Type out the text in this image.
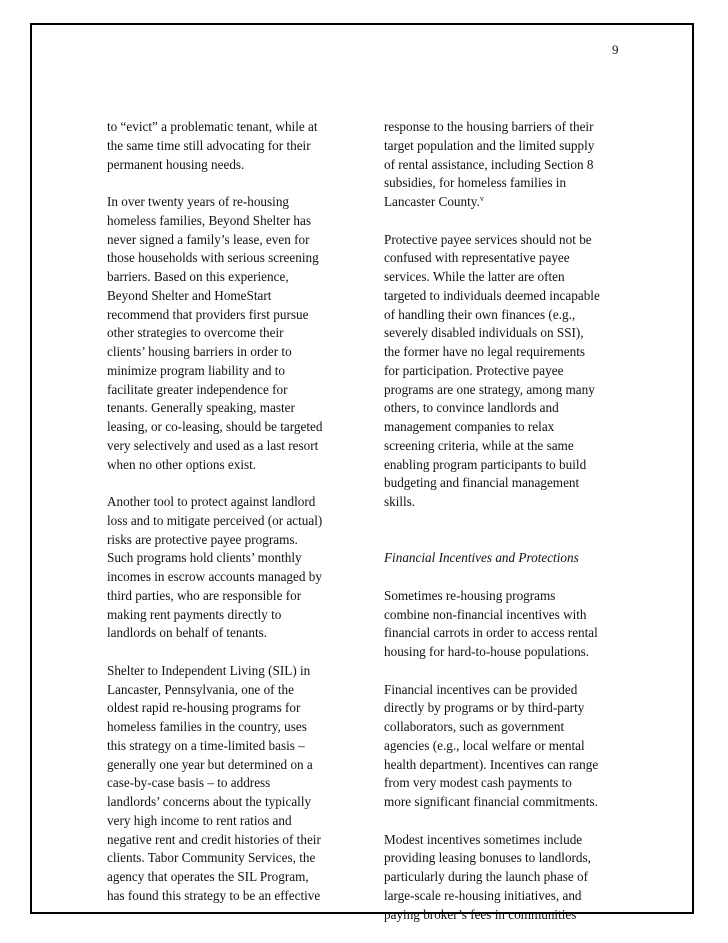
9
to “evict” a problematic tenant, while at
the same time still advocating for their
permanent housing needs.
In over twenty years of re-housing
homeless families, Beyond Shelter has
never signed a family’s lease, even for
those households with serious screening
barriers. Based on this experience,
Beyond Shelter and HomeStart
recommend that providers first pursue
other strategies to overcome their
clients’ housing barriers in order to
minimize program liability and to
facilitate greater independence for
tenants. Generally speaking, master
leasing, or co-leasing, should be targeted
very selectively and used as a last resort
when no other options exist.
Another tool to protect against landlord
loss and to mitigate perceived (or actual)
risks are protective payee programs.
Such programs hold clients’ monthly
incomes in escrow accounts managed by
third parties, who are responsible for
making rent payments directly to
landlords on behalf of tenants.
Shelter to Independent Living (SIL) in
Lancaster, Pennsylvania, one of the
oldest rapid re-housing programs for
homeless families in the country, uses
this strategy on a time-limited basis –
generally one year but determined on a
case-by-case basis – to address
landlords’ concerns about the typically
very high income to rent ratios and
negative rent and credit histories of their
clients. Tabor Community Services, the
agency that operates the SIL Program,
has found this strategy to be an effective
response to the housing barriers of their
target population and the limited supply
of rental assistance, including Section 8
subsidies, for homeless families in
Lancaster County.$^v$
Protective payee services should not be
confused with representative payee
services. While the latter are often
targeted to individuals deemed incapable
of handling their own finances (e.g.,
severely disabled individuals on SSI),
the former have no legal requirements
for participation. Protective payee
programs are one strategy, among many
others, to convince landlords and
management companies to relax
screening criteria, while at the same
enabling program participants to build
budgeting and financial management
skills.
Financial Incentives and Protections
Sometimes re-housing programs
combine non-financial incentives with
financial carrots in order to access rental
housing for hard-to-house populations.
Financial incentives can be provided
directly by programs or by third-party
collaborators, such as government
agencies (e.g., local welfare or mental
health department). Incentives can range
from very modest cash payments to
more significant financial commitments.
Modest incentives sometimes include
providing leasing bonuses to landlords,
particularly during the launch phase of
large-scale re-housing initiatives, and
paying broker’s fees in communities
